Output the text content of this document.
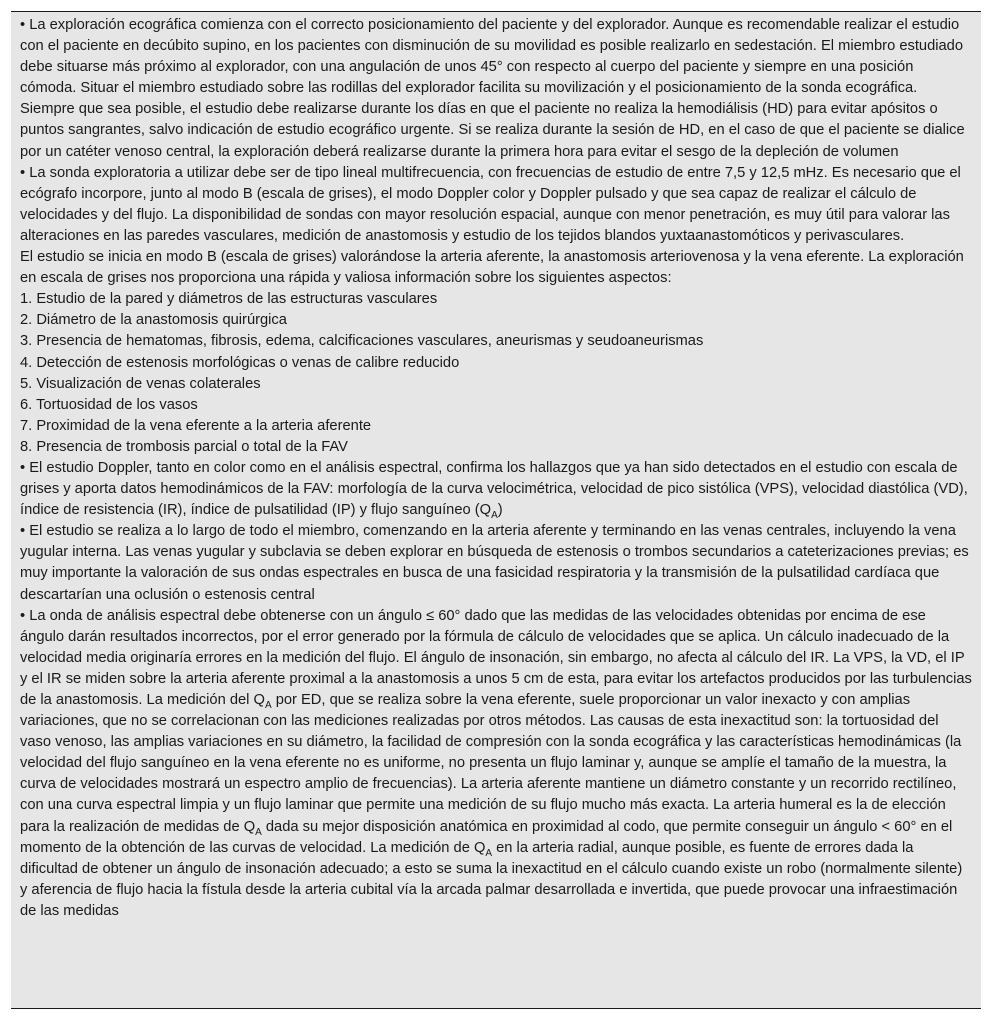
• La exploración ecográfica comienza con el correcto posicionamiento del paciente y del explorador. Aunque es recomendable realizar el estudio con el paciente en decúbito supino, en los pacientes con disminución de su movilidad es posible realizarlo en sedestación. El miembro estudiado debe situarse más próximo al explorador, con una angulación de unos 45° con respecto al cuerpo del paciente y siempre en una posición cómoda. Situar el miembro estudiado sobre las rodillas del explorador facilita su movilización y el posicionamiento de la sonda ecográfica. Siempre que sea posible, el estudio debe realizarse durante los días en que el paciente no realiza la hemodiálisis (HD) para evitar apósitos o puntos sangrantes, salvo indicación de estudio ecográfico urgente. Si se realiza durante la sesión de HD, en el caso de que el paciente se dialice por un catéter venoso central, la exploración deberá realizarse durante la primera hora para evitar el sesgo de la depleción de volumen

• La sonda exploratoria a utilizar debe ser de tipo lineal multifrecuencia, con frecuencias de estudio de entre 7,5 y 12,5 mHz. Es necesario que el ecógrafo incorpore, junto al modo B (escala de grises), el modo Doppler color y Doppler pulsado y que sea capaz de realizar el cálculo de velocidades y del flujo. La disponibilidad de sondas con mayor resolución espacial, aunque con menor penetración, es muy útil para valorar las alteraciones en las paredes vasculares, medición de anastomosis y estudio de los tejidos blandos yuxtaanastomóticos y perivasculares.

El estudio se inicia en modo B (escala de grises) valorándose la arteria aferente, la anastomosis arteriovenosa y la vena eferente. La exploración en escala de grises nos proporciona una rápida y valiosa información sobre los siguientes aspectos:

1. Estudio de la pared y diámetros de las estructuras vasculares

2. Diámetro de la anastomosis quirúrgica

3. Presencia de hematomas, fibrosis, edema, calcificaciones vasculares, aneurismas y seudoaneurismas

4. Detección de estenosis morfológicas o venas de calibre reducido

5. Visualización de venas colaterales

6. Tortuosidad de los vasos

7. Proximidad de la vena eferente a la arteria aferente

8. Presencia de trombosis parcial o total de la FAV

• El estudio Doppler, tanto en color como en el análisis espectral, confirma los hallazgos que ya han sido detectados en el estudio con escala de grises y aporta datos hemodinámicos de la FAV: morfología de la curva velocimétrica, velocidad de pico sistólica (VPS), velocidad diastólica (VD), índice de resistencia (IR), índice de pulsatilidad (IP) y flujo sanguíneo $(Q_A)$

• El estudio se realiza a lo largo de todo el miembro, comenzando en la arteria aferente y terminando en las venas centrales, incluyendo la vena yugular interna. Las venas yugular y subclavia se deben explorar en búsqueda de estenosis o trombos secundarios a cateterizaciones previas; es muy importante la valoración de sus ondas espectrales en busca de una fasicidad respiratoria y la transmisión de la pulsatilidad cardíaca que descartarían una oclusión o estenosis central

• La onda de análisis espectral debe obtenerse con un ángulo ≤ 60° dado que las medidas de las velocidades obtenidas por encima de ese ángulo darán resultados incorrectos, por el error generado por la fórmula de cálculo de velocidades que se aplica. Un cálculo inadecuado de la velocidad media originaría errores en la medición del flujo. El ángulo de insonación, sin embargo, no afecta al cálculo del IR. La VPS, la VD, el IP y el IR se miden sobre la arteria aferente proximal a la anastomosis a unos 5 cm de esta, para evitar los artefactos producidos por las turbulencias de la anastomosis. La medición del $Q_A$ por ED, que se realiza sobre la vena eferente, suele proporcionar un valor inexacto y con amplias variaciones, que no se correlacionan con las mediciones realizadas por otros métodos. Las causas de esta inexactitud son: la tortuosidad del vaso venoso, las amplias variaciones en su diámetro, la facilidad de compresión con la sonda ecográfica y las características hemodinámicas (la velocidad del flujo sanguíneo en la vena eferente no es uniforme, no presenta un flujo laminar y, aunque se amplíe el tamaño de la muestra, la curva de velocidades mostrará un espectro amplio de frecuencias). La arteria aferente mantiene un diámetro constante y un recorrido rectilíneo, con una curva espectral limpia y un flujo laminar que permite una medición de su flujo mucho más exacta. La arteria humeral es la de elección para la realización de medidas de $Q_A$ dada su mejor disposición anatómica en proximidad al codo, que permite conseguir un ángulo < 60° en el momento de la obtención de las curvas de velocidad. La medición de $Q_A$ en la arteria radial, aunque posible, es fuente de errores dada la dificultad de obtener un ángulo de insonación adecuado; a esto se suma la inexactitud en el cálculo cuando existe un robo (normalmente silente) y aferencia de flujo hacia la fístula desde la arteria cubital vía la arcada palmar desarrollada e invertida, que puede provocar una infraestimación de las medidas
